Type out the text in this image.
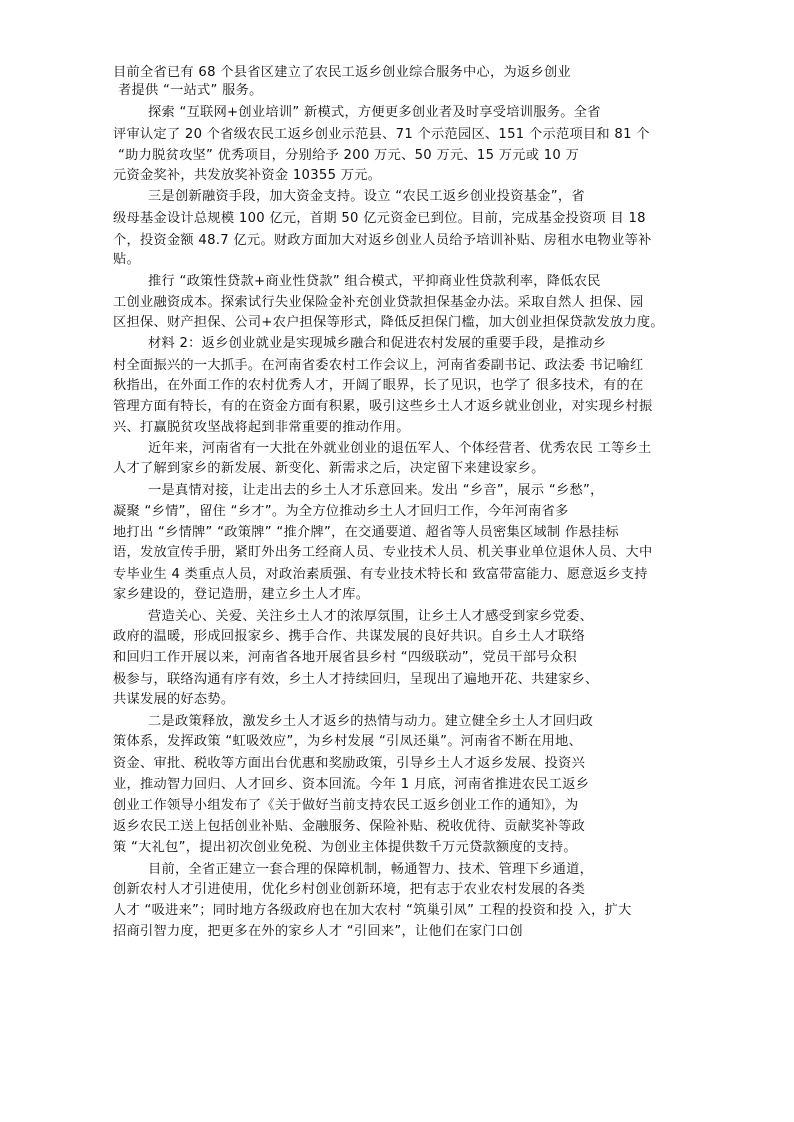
目前全省已有 68 个县省区建立了农民工返乡创业综合服务中心，为返乡创业
者提供 “一站式” 服务。
探索 “互联网+创业培训” 新模式，方便更多创业者及时享受培训服务。全省
评审认定了 20 个省级农民工返乡创业示范县、71 个示范园区、151 个示范项目和 81 个
“助力脱贫攻坚” 优秀项目，分别给予 200 万元、50 万元、15 万元或 10 万
元资金奖补，共发放奖补资金 10355 万元。
三是创新融资手段，加大资金支持。设立 “农民工返乡创业投资基金”，省
级母基金设计总规模 100 亿元，首期 50 亿元资金已到位。目前，完成基金投资项 目 18
个，投资金额 48.7 亿元。财政方面加大对返乡创业人员给予培训补贴、房租水电物业等补
贴。
推行 “政策性贷款+商业性贷款” 组合模式，平抑商业性贷款利率，降低农民
工创业融资成本。探索试行失业保险金补充创业贷款担保基金办法。采取自然人 担保、园
区担保、财产担保、公司+农户担保等形式，降低反担保门槛，加大创业担保贷款发放力度。
材料 2：返乡创业就业是实现城乡融合和促进农村发展的重要手段，是推动乡
村全面振兴的一大抓手。在河南省委农村工作会议上，河南省委副书记、政法委 书记喻红
秋指出，在外面工作的农村优秀人才，开阔了眼界，长了见识，也学了 很多技术，有的在
管理方面有特长，有的在资金方面有积累，吸引这些乡土人才返乡就业创业，对实现乡村振
兴、打赢脱贫攻坚战将起到非常重要的推动作用。
近年来，河南省有一大批在外就业创业的退伍军人、个体经营者、优秀农民 工等乡土
人才了解到家乡的新发展、新变化、新需求之后，决定留下来建设家乡。
一是真情对接，让走出去的乡土人才乐意回来。发出 “乡音”，展示 “乡愁”，
凝聚 “乡情”，留住 “乡才”。为全方位推动乡土人才回归工作，今年河南省多
地打出 “乡情牌” “政策牌” “推介牌”，在交通要道、超省等人员密集区域制 作悬挂标
语，发放宣传手册，紧盯外出务工经商人员、专业技术人员、机关事业单位退休人员、大中
专毕业生 4 类重点人员，对政治素质强、有专业技术特长和 致富带富能力、愿意返乡支持
家乡建设的，登记造册，建立乡土人才库。
营造关心、关爱、关注乡土人才的浓厚氛围，让乡土人才感受到家乡党委、
政府的温暖，形成回报家乡、携手合作、共谋发展的良好共识。自乡土人才联络
和回归工作开展以来，河南省各地开展省县乡村 “四级联动”，党员干部号众积
极参与，联络沟通有序有效，乡土人才持续回归，呈现出了遍地开花、共建家乡、
共谋发展的好态势。
二是政策释放，激发乡土人才返乡的热情与动力。建立健全乡土人才回归政
策体系，发挥政策 “虹吸效应”，为乡村发展 “引凤还巢”。河南省不断在用地、
资金、审批、税收等方面出台优惠和奖励政策，引导乡土人才返乡发展、投资兴
业，推动智力回归、人才回乡、资本回流。今年 1 月底，河南省推进农民工返乡
创业工作领导小组发布了《关于做好当前支持农民工返乡创业工作的通知》，为
返乡农民工送上包括创业补贴、金融服务、保险补贴、税收优待、贡献奖补等政
策 “大礼包”，提出初次创业免税、为创业主体提供数千万元贷款额度的支持。
目前，全省正建立一套合理的保障机制，畅通智力、技术、管理下乡通道，
创新农村人才引进使用，优化乡村创业创新环境，把有志于农业农村发展的各类
人才 “吸进来”；同时地方各级政府也在加大农村 “筑巢引凤” 工程的投资和投 入，扩大
招商引智力度，把更多在外的家乡人才 “引回来”，让他们在家门口创
